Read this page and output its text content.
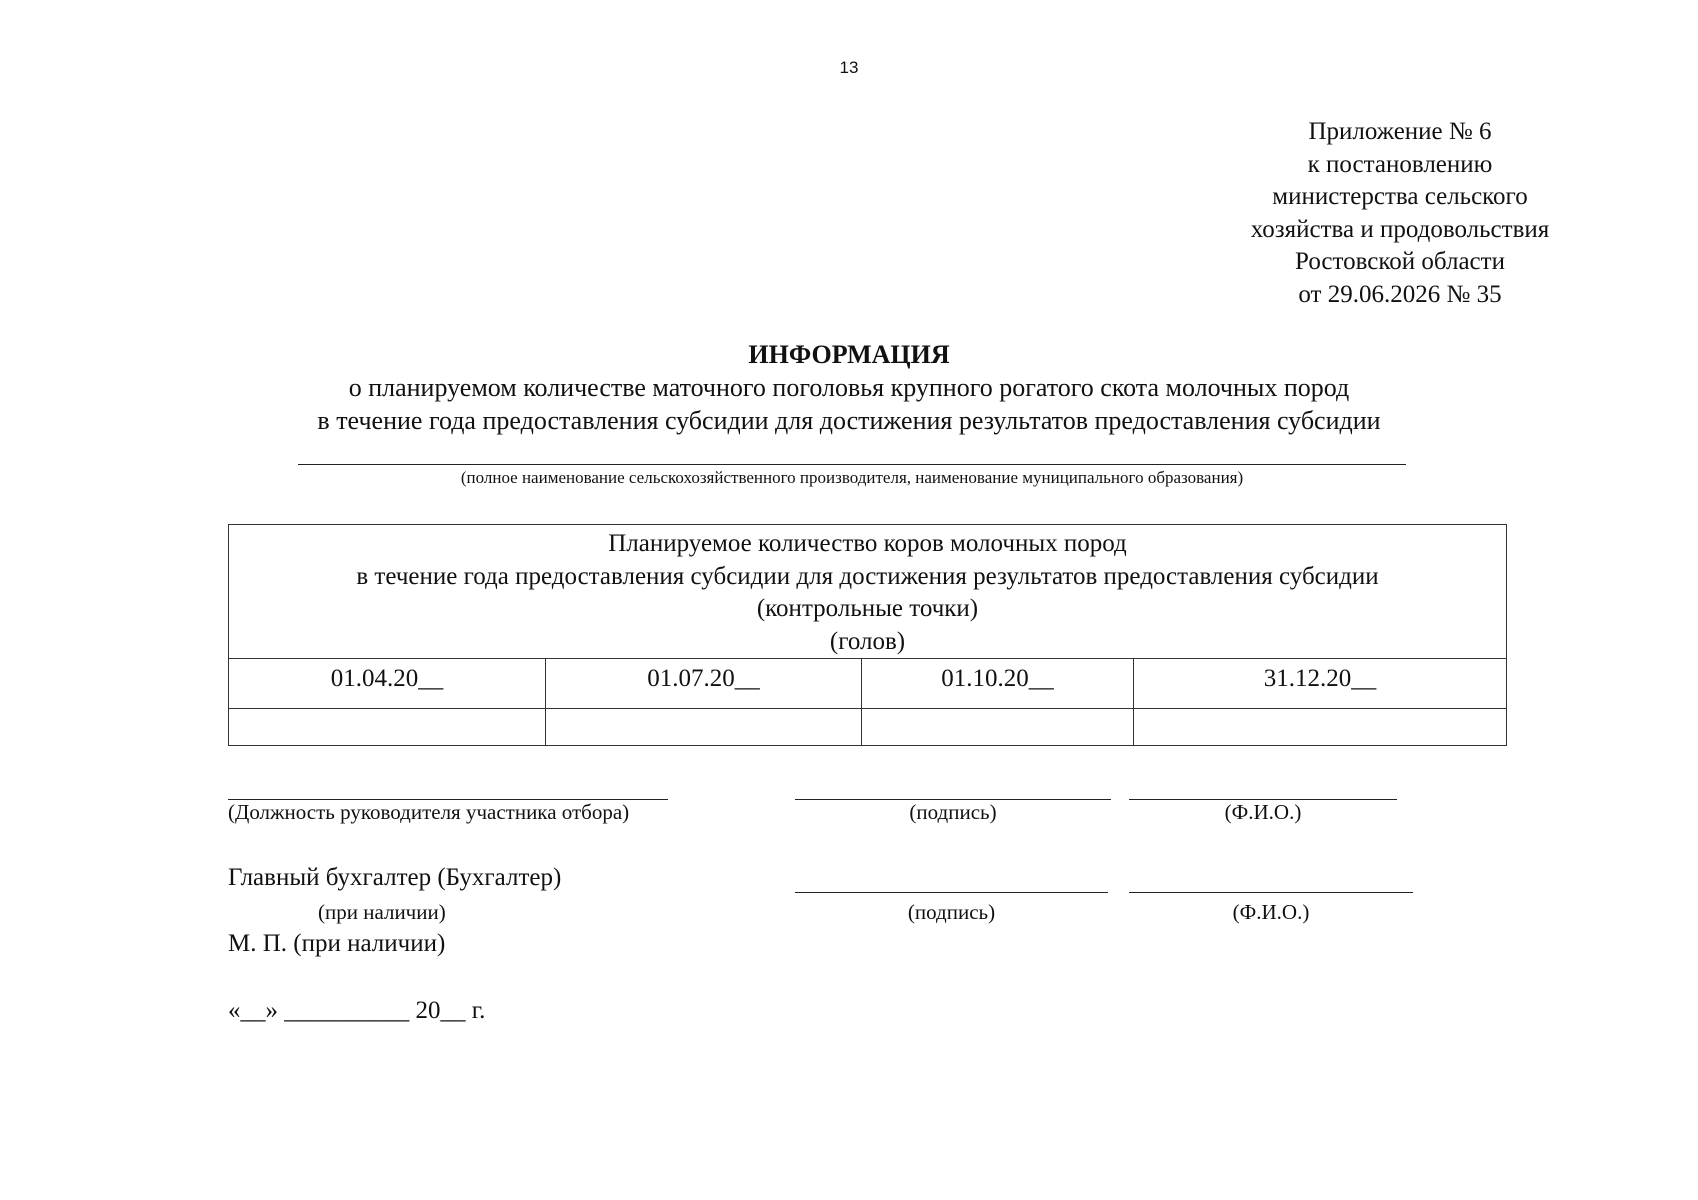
13
Приложение № 6
к постановлению
министерства сельского
хозяйства и продовольствия
Ростовской области
от 29.06.2026 № 35
ИНФОРМАЦИЯ
о планируемом количестве маточного поголовья крупного рогатого скота молочных пород
в течение года предоставления субсидии для достижения результатов предоставления субсидии
(полное наименование сельскохозяйственного производителя, наименование муниципального образования)
Планируемое количество коров молочных пород
в течение года предоставления субсидии для достижения результатов предоставления субсидии
(контрольные точки)
(голов)			

01.04.20__	01.07.20__	01.10.20__	31.12.20__

(Должность руководителя участника отбора)	(подпись)	(Ф.И.О.)
Главный бухгалтер (Бухгалтер)
(при наличии)	(подпись)	(Ф.И.О.)
М. П. (при наличии)
«__» __________ 20__ г.
